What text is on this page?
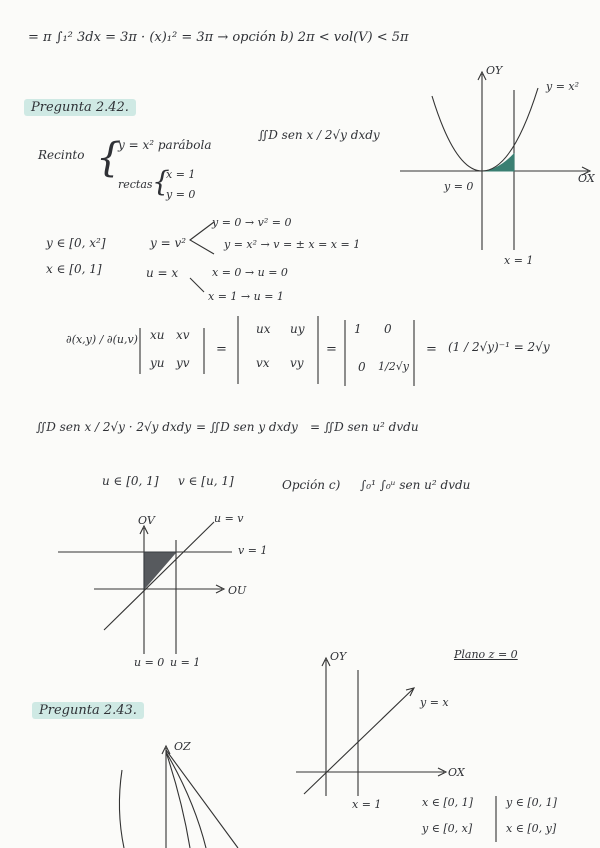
= π ∫₁² 3dx = 3π · (x)₁² = 3π → opción b) 2π < vol(V) < 5π
Pregunta 2.42.
Recinto {
y = x² parábola
rectas {
x = 1
y = 0
∬D sen x / 2√y dxdy
y ∈ [0, x²]
x ∈ [0, 1]
y = v²
u = x
y = 0 → v² = 0
y = x² → v = ± x = x = 1
x = 0 → u = 0
x = 1 → u = 1
∂(x,y) / ∂(u,v) xu xv
yu yv
=
ux uy
vx vy
=
1 0
0 1/2√y
= (1 / 2√y)⁻¹ = 2√y
∬D sen x / 2√y · 2√y dxdy = ∬D sen y dxdy = ∬D sen u² dvdu
u ∈ [0, 1] v ∈ [u, 1]	Opción c) ∫₀¹ ∫₀ᵘ sen u² dvdu
OY
OX
y = x²
y = 0
x = 1
OV
OU
u = v
v = 1
u = 0 u = 1
Pregunta 2.43.
Plano z = 0
OY
OX
y = x
x = 1	x ∈ [0, 1]
y ∈ [0, x]
y ∈ [0, 1]
x ∈ [0, y]
OZ
